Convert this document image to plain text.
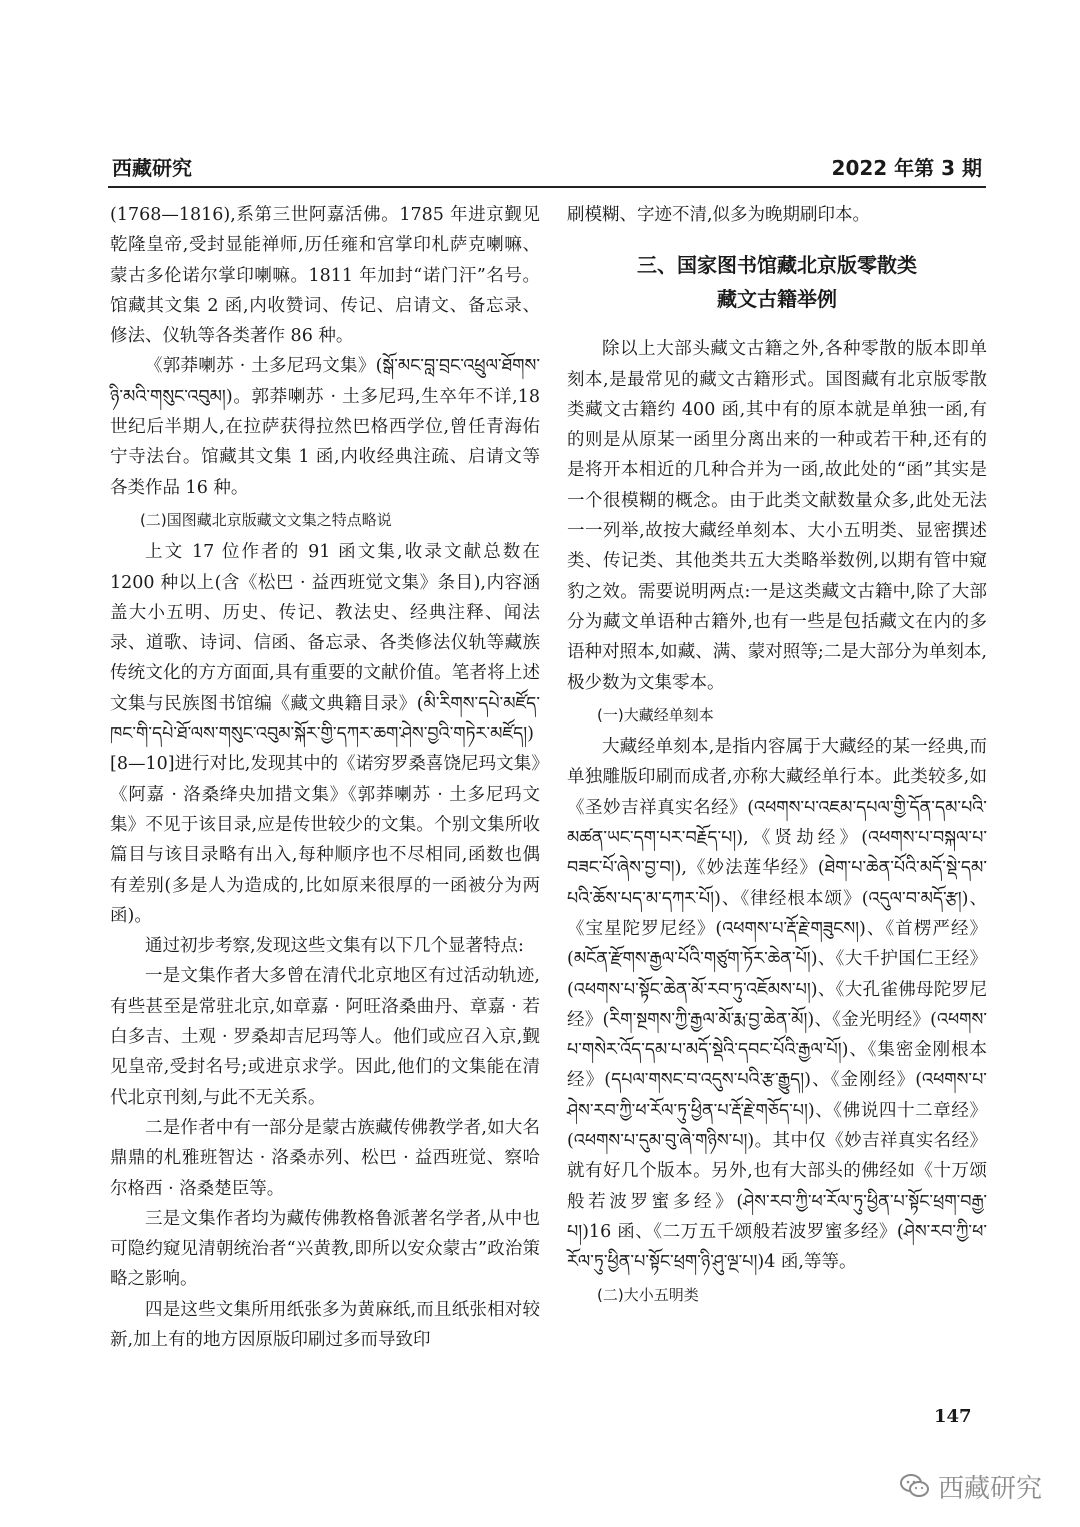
西藏研究	2022 年第 3 期

(1768—1816),系第三世阿嘉活佛。1785 年进京觐见乾隆皇帝,受封显能禅师,历任雍和宫掌印札萨克喇嘛、蒙古多伦诺尔掌印喇嘛。1811 年加封“诺门汗”名号。馆藏其文集 2 函,内收赞词、传记、启请文、备忘录、修法、仪轨等各类著作 86 种。

《郭莽喇苏 · 土多尼玛文集》(སྒོ་མང་བླ་བྲང་འཕྲུལ་ཐོགས་ཉི་མའི་གསུང་འབུམ།)。郭莽喇苏 · 土多尼玛,生卒年不详,18 世纪后半期人,在拉萨获得拉然巴格西学位,曾任青海佑宁寺法台。馆藏其文集 1 函,内收经典注疏、启请文等各类作品 16 种。

(二)国图藏北京版藏文文集之特点略说

上文 17 位作者的 91 函文集,收录文献总数在 1200 种以上(含《松巴 · 益西班觉文集》条目),内容涵盖大小五明、历史、传记、教法史、经典注释、闻法录、道歌、诗词、信函、备忘录、各类修法仪轨等藏族传统文化的方方面面,具有重要的文献价值。笔者将上述文集与民族图书馆编《藏文典籍目录》(མི་རིགས་དཔེ་མཛོད་ཁང་གི་དཔེ་ཐོ་ལས་གསུང་འབུམ་སྐོར་གྱི་དཀར་ཆག་ཤེས་བྱའི་གཏེར་མཛོད།)[8—10]进行对比,发现其中的《诺穷罗桑喜饶尼玛文集》《阿嘉 · 洛桑绛央加措文集》《郭莽喇苏 · 土多尼玛文集》不见于该目录,应是传世较少的文集。个别文集所收篇目与该目录略有出入,每种顺序也不尽相同,函数也偶有差别(多是人为造成的,比如原来很厚的一函被分为两函)。

通过初步考察,发现这些文集有以下几个显著特点:

一是文集作者大多曾在清代北京地区有过活动轨迹,有些甚至是常驻北京,如章嘉 · 阿旺洛桑曲丹、章嘉 · 若白多吉、土观 · 罗桑却吉尼玛等人。他们或应召入京,觐见皇帝,受封名号;或进京求学。因此,他们的文集能在清代北京刊刻,与此不无关系。

二是作者中有一部分是蒙古族藏传佛教学者,如大名鼎鼎的札雅班智达 · 洛桑赤列、松巴 · 益西班觉、察哈尔格西 · 洛桑楚臣等。

三是文集作者均为藏传佛教格鲁派著名学者,从中也可隐约窥见清朝统治者“兴黄教,即所以安众蒙古”政治策略之影响。

四是这些文集所用纸张多为黄麻纸,而且纸张相对较新,加上有的地方因原版印刷过多而导致印

刷模糊、字迹不清,似多为晚期刷印本。

三、国家图书馆藏北京版零散类
藏文古籍举例

除以上大部头藏文古籍之外,各种零散的版本即单刻本,是最常见的藏文古籍形式。国图藏有北京版零散类藏文古籍约 400 函,其中有的原本就是单独一函,有的则是从原某一函里分离出来的一种或若干种,还有的是将开本相近的几种合并为一函,故此处的“函”其实是一个很模糊的概念。由于此类文献数量众多,此处无法一一列举,故按大藏经单刻本、大小五明类、显密撰述类、传记类、其他类共五大类略举数例,以期有管中窥豹之效。需要说明两点:一是这类藏文古籍中,除了大部分为藏文单语种古籍外,也有一些是包括藏文在内的多语种对照本,如藏、满、蒙对照等;二是大部分为单刻本,极少数为文集零本。

(一)大藏经单刻本

大藏经单刻本,是指内容属于大藏经的某一经典,而单独雕版印刷而成者,亦称大藏经单行本。此类较多,如《圣妙吉祥真实名经》(འཕགས་པ་འཇམ་དཔལ་གྱི་དོན་དམ་པའི་མཚན་ཡང་དག་པར་བརྗོད་པ།),《贤劫经》(འཕགས་པ་བསྐལ་པ་བཟང་པོ་ཞེས་བྱ་བ།),《妙法莲华经》(ཐེག་པ་ཆེན་པོའི་མདོ་སྡེ་དམ་པའི་ཆོས་པད་མ་དཀར་པོ།)、《律经根本颂》(འདུལ་བ་མདོ་རྩ།)、《宝星陀罗尼经》(འཕགས་པ་རྡོ་རྗེ་གཟུངས།)、《首楞严经》(མངོན་རྫོགས་རྒྱལ་པོའི་གཙུག་ཏོར་ཆེན་པོ།)、《大千护国仁王经》(འཕགས་པ་སྟོང་ཆེན་མོ་རབ་ཏུ་འཇོམས་པ།)、《大孔雀佛母陀罗尼经》(རིག་སྔགས་ཀྱི་རྒྱལ་མོ་རྨ་བྱ་ཆེན་མོ།)、《金光明经》(འཕགས་པ་གསེར་འོད་དམ་པ་མདོ་སྡེའི་དབང་པོའི་རྒྱལ་པོ།)、《集密金刚根本经》(དཔལ་གསང་བ་འདུས་པའི་རྩ་རྒྱུད།)、《金刚经》(འཕགས་པ་ཤེས་རབ་ཀྱི་ཕ་རོལ་ཏུ་ཕྱིན་པ་རྡོ་རྗེ་གཅོད་པ།)、《佛说四十二章经》(འཕགས་པ་དུམ་བུ་ཞེ་གཉིས་པ།)。其中仅《妙吉祥真实名经》就有好几个版本。另外,也有大部头的佛经如《十万颂般若波罗蜜多经》(ཤེས་རབ་ཀྱི་ཕ་རོལ་ཏུ་ཕྱིན་པ་སྟོང་ཕྲག་བརྒྱ་པ།)16 函、《二万五千颂般若波罗蜜多经》(ཤེས་རབ་ཀྱི་ཕ་རོལ་ཏུ་ཕྱིན་པ་སྟོང་ཕྲག་ཉི་ཤུ་ལྔ་པ།)4 函,等等。

(二)大小五明类

147
西藏研究
